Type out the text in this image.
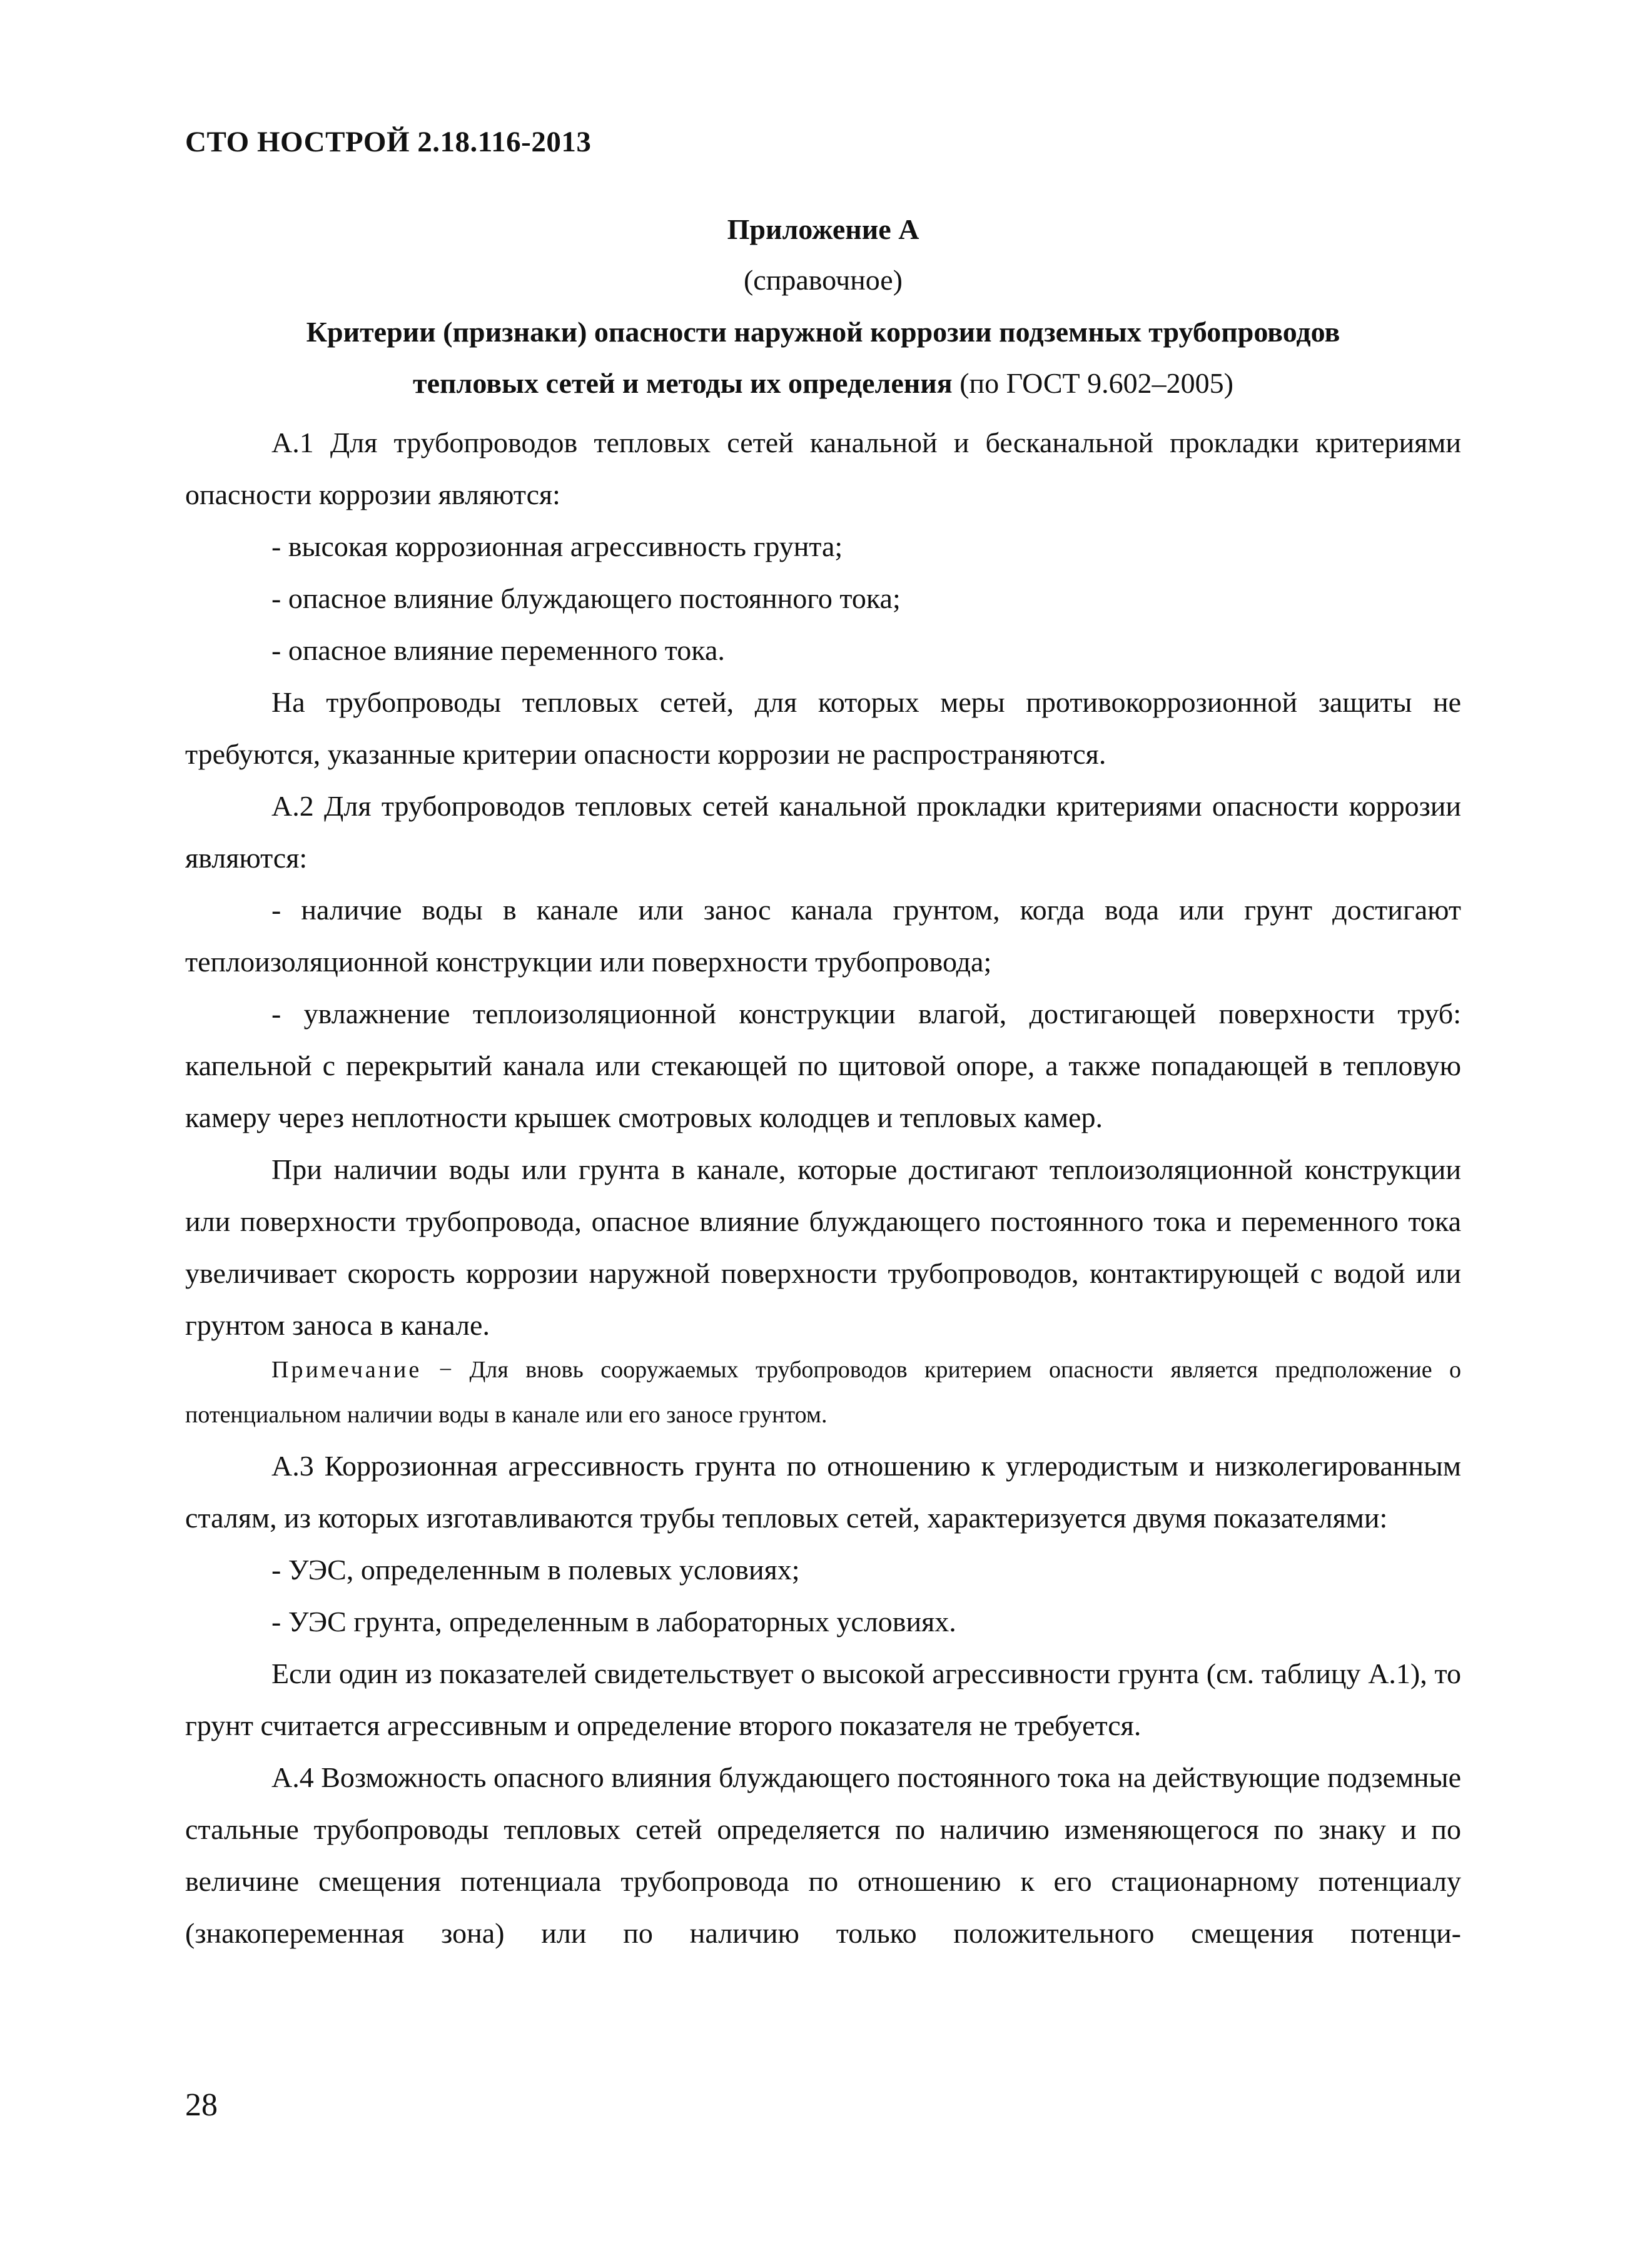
СТО НОСТРОЙ 2.18.116-2013
Приложение А
(справочное)
Критерии (признаки) опасности наружной коррозии подземных трубопроводов
тепловых сетей и методы их определения (по ГОСТ 9.602–2005)

А.1 Для трубопроводов тепловых сетей канальной и бесканальной прокладки критериями опасности коррозии являются:

- высокая коррозионная агрессивность грунта;

- опасное влияние блуждающего постоянного тока;

- опасное влияние переменного тока.

На трубопроводы тепловых сетей, для которых меры противокоррозионной защиты не требуются, указанные критерии опасности коррозии не распространяются.

А.2 Для трубопроводов тепловых сетей канальной прокладки критериями опасности коррозии являются:

- наличие воды в канале или занос канала грунтом, когда вода или грунт достигают теплоизоляционной конструкции или поверхности трубопровода;

- увлажнение теплоизоляционной конструкции влагой, достигающей поверхности труб: капельной с перекрытий канала или стекающей по щитовой опоре, а также попадающей в тепловую камеру через неплотности крышек смотровых колодцев и тепловых камер.

При наличии воды или грунта в канале, которые достигают теплоизоляционной конструкции или поверхности трубопровода, опасное влияние блуждающего постоянного тока и переменного тока увеличивает скорость коррозии наружной поверхности трубопроводов, контактирующей с водой или грунтом заноса в канале.

Примечание − Для вновь сооружаемых трубопроводов критерием опасности является предположение о потенциальном наличии воды в канале или его заносе грунтом.

А.3 Коррозионная агрессивность грунта по отношению к углеродистым и низколегированным сталям, из которых изготавливаются трубы тепловых сетей, характеризуется двумя показателями:

- УЭС, определенным в полевых условиях;

- УЭС грунта, определенным в лабораторных условиях.

Если один из показателей свидетельствует о высокой агрессивности грунта (см. таблицу А.1), то грунт считается агрессивным и определение второго показателя не требуется.

А.4 Возможность опасного влияния блуждающего постоянного тока на действующие подземные стальные трубопроводы тепловых сетей определяется по наличию изменяющегося по знаку и по величине смещения потенциала трубопровода по отношению к его стационарному потенциалу (знакопеременная зона) или по наличию только положительного смещения потенци-

28
